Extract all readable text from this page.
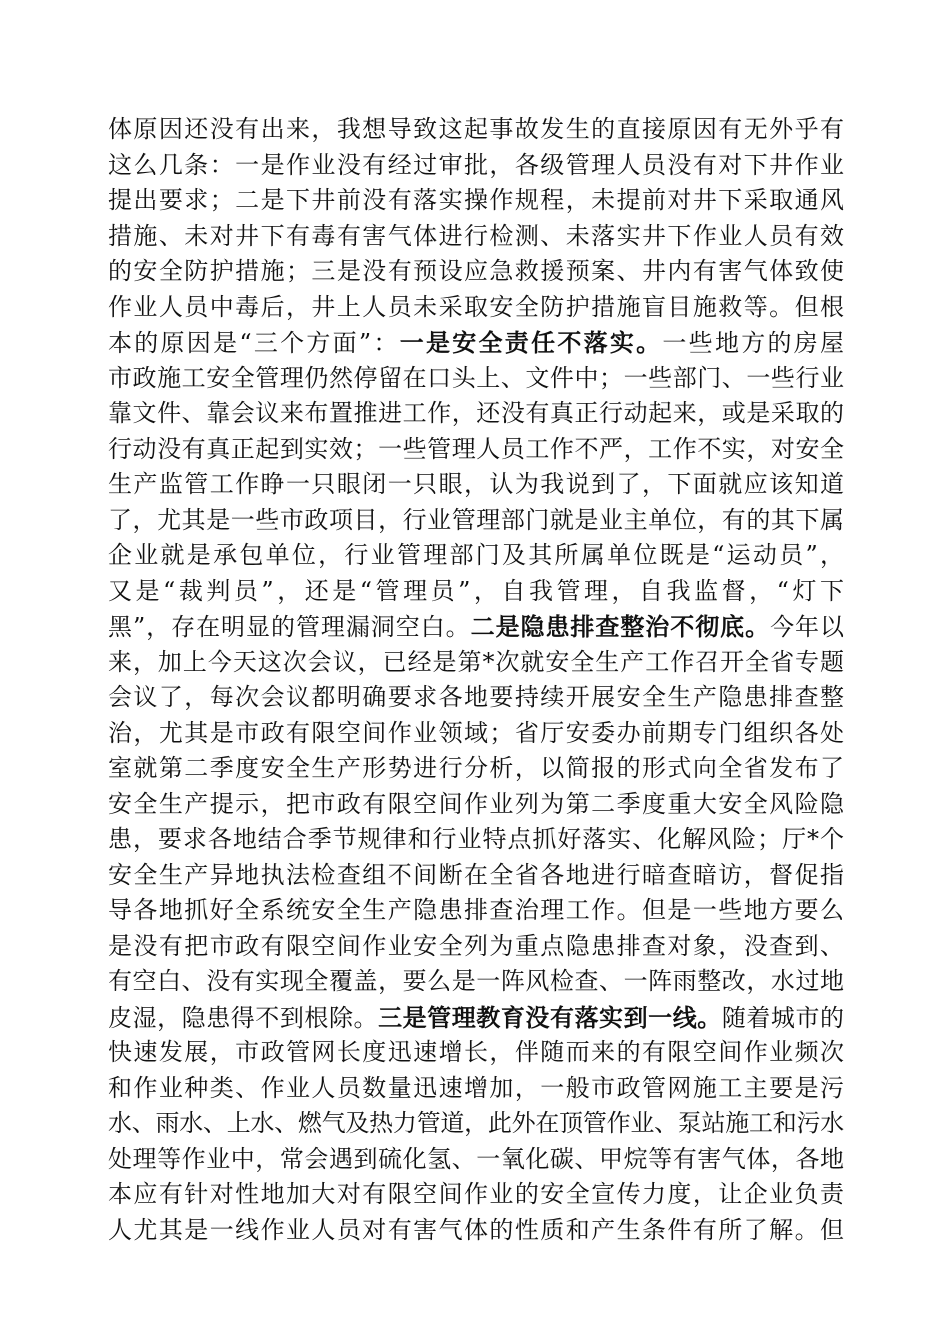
体原因还没有出来，我想导致这起事故发生的直接原因有无外乎有
这么几条：一是作业没有经过审批，各级管理人员没有对下井作业
提出要求；二是下井前没有落实操作规程，未提前对井下采取通风
措施、未对井下有毒有害气体进行检测、未落实井下作业人员有效
的安全防护措施；三是没有预设应急救援预案、井内有害气体致使
作业人员中毒后，井上人员未采取安全防护措施盲目施救等。但根
本的原因是“三个方面”：一是安全责任不落实。一些地方的房屋
市政施工安全管理仍然停留在口头上、文件中；一些部门、一些行业
靠文件、靠会议来布置推进工作，还没有真正行动起来，或是采取的
行动没有真正起到实效；一些管理人员工作不严，工作不实，对安全
生产监管工作睁一只眼闭一只眼，认为我说到了，下面就应该知道
了，尤其是一些市政项目，行业管理部门就是业主单位，有的其下属
企业就是承包单位，行业管理部门及其所属单位既是“运动员”，
又是“裁判员”，还是“管理员”，自我管理，自我监督，“灯下
黑”，存在明显的管理漏洞空白。二是隐患排查整治不彻底。今年以
来，加上今天这次会议，已经是第*次就安全生产工作召开全省专题
会议了，每次会议都明确要求各地要持续开展安全生产隐患排查整
治，尤其是市政有限空间作业领域；省厅安委办前期专门组织各处
室就第二季度安全生产形势进行分析，以简报的形式向全省发布了
安全生产提示，把市政有限空间作业列为第二季度重大安全风险隐
患，要求各地结合季节规律和行业特点抓好落实、化解风险；厅*个
安全生产异地执法检查组不间断在全省各地进行暗查暗访，督促指
导各地抓好全系统安全生产隐患排查治理工作。但是一些地方要么
是没有把市政有限空间作业安全列为重点隐患排查对象，没查到、
有空白、没有实现全覆盖，要么是一阵风检查、一阵雨整改，水过地
皮湿，隐患得不到根除。三是管理教育没有落实到一线。随着城市的
快速发展，市政管网长度迅速增长，伴随而来的有限空间作业频次
和作业种类、作业人员数量迅速增加，一般市政管网施工主要是污
水、雨水、上水、燃气及热力管道，此外在顶管作业、泵站施工和污水
处理等作业中，常会遇到硫化氢、一氧化碳、甲烷等有害气体，各地
本应有针对性地加大对有限空间作业的安全宣传力度，让企业负责
人尤其是一线作业人员对有害气体的性质和产生条件有所了解。但
